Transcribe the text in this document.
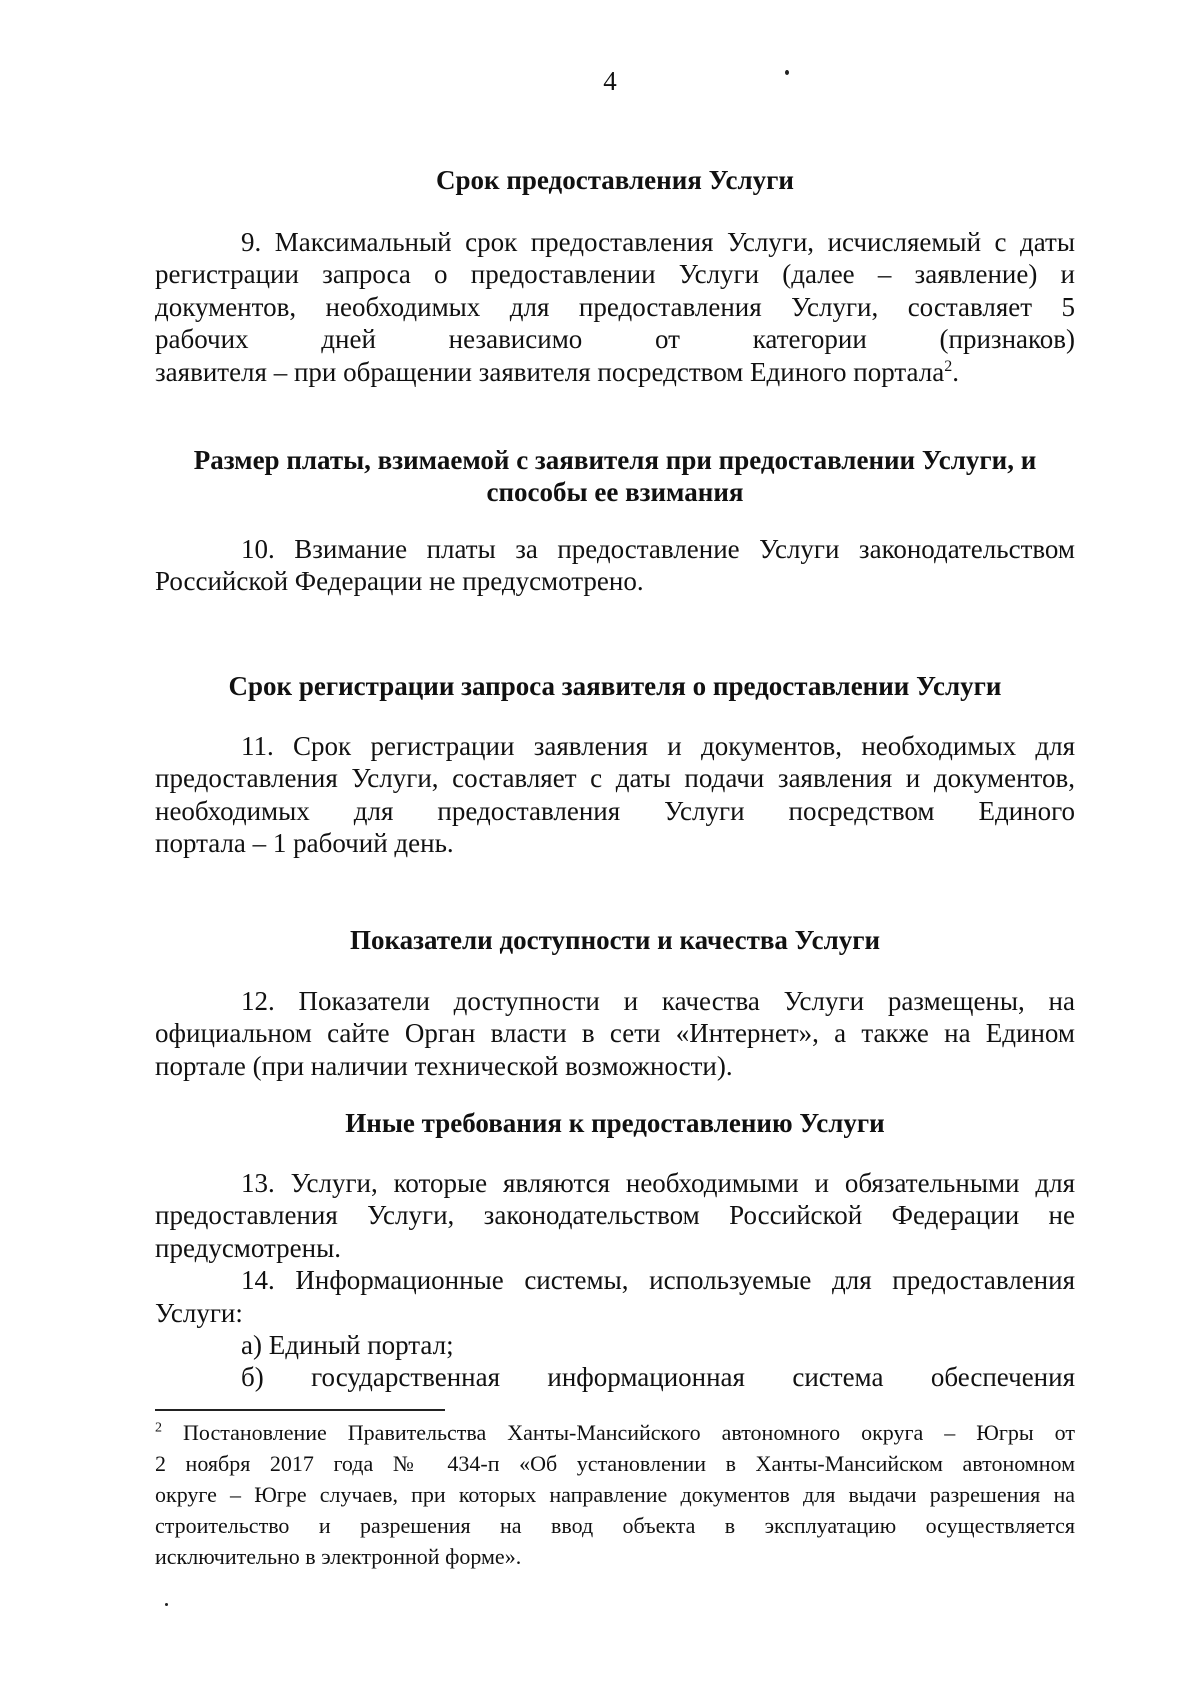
4
Срок предоставления Услуги
9. Максимальный срок предоставления Услуги, исчисляемый с даты
регистрации запроса о предоставлении Услуги (далее – заявление) и
документов, необходимых для предоставления Услуги, составляет 5
рабочих дней независимо от категории (признаков)
заявителя – при обращении заявителя посредством Единого портала$^2$.
Размер платы, взимаемой с заявителя при предоставлении Услуги, и
способы ее взимания
10. Взимание платы за предоставление Услуги законодательством
Российской Федерации не предусмотрено.
Срок регистрации запроса заявителя о предоставлении Услуги
11. Срок регистрации заявления и документов, необходимых для
предоставления Услуги, составляет с даты подачи заявления и документов,
необходимых для предоставления Услуги посредством Единого
портала – 1 рабочий день.
Показатели доступности и качества Услуги
12. Показатели доступности и качества Услуги размещены, на
официальном сайте Орган власти в сети «Интернет», а также на Едином
портале (при наличии технической возможности).
Иные требования к предоставлению Услуги
13. Услуги, которые являются необходимыми и обязательными для
предоставления Услуги, законодательством Российской Федерации не
предусмотрены.
14. Информационные системы, используемые для предоставления
Услуги:
а) Единый портал;
б) государственная информационная система обеспечения
$^2$ Постановление Правительства Ханты-Мансийского автономного округа – Югры от
2 ноября 2017 года № 434-п «Об установлении в Ханты-Мансийском автономном
округе – Югре случаев, при которых направление документов для выдачи разрешения на
строительство и разрешения на ввод объекта в эксплуатацию осуществляется
исключительно в электронной форме».
